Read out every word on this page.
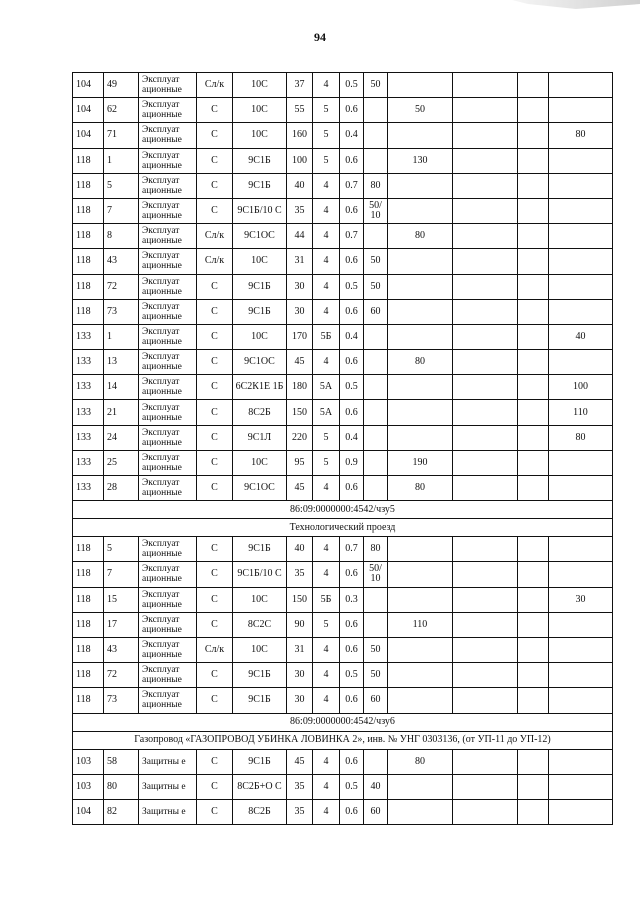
94
104	49	Эксплуат ационные	Сл/к	10С	37	4	0.5	50				
104	62	Эксплуат ационные	С	10С	55	5	0.6		50			
104	71	Эксплуат ационные	С	10С	160	5	0.4					80
118	1	Эксплуат ационные	С	9С1Б	100	5	0.6		130			
118	5	Эксплуат ационные	С	9С1Б	40	4	0.7	80				
118	7	Эксплуат ационные	С	9С1Б/10 С	35	4	0.6	50/ 10				
118	8	Эксплуат ационные	Сл/к	9С1ОС	44	4	0.7		80			
118	43	Эксплуат ационные	Сл/к	10С	31	4	0.6	50				
118	72	Эксплуат ационные	С	9С1Б	30	4	0.5	50				
118	73	Эксплуат ационные	С	9С1Б	30	4	0.6	60				
133	1	Эксплуат ационные	С	10С	170	5Б	0.4					40
133	13	Эксплуат ационные	С	9С1ОС	45	4	0.6		80			
133	14	Эксплуат ационные	С	6С2К1Е 1Б	180	5А	0.5					100
133	21	Эксплуат ационные	С	8С2Б	150	5А	0.6					110
133	24	Эксплуат ационные	С	9С1Л	220	5	0.4					80
133	25	Эксплуат ационные	С	10С	95	5	0.9		190			
133	28	Эксплуат ационные	С	9С1ОС	45	4	0.6		80			
86:09:0000000:4542/чзу5												
Технологический проезд												
118	5	Эксплуат ационные	С	9С1Б	40	4	0.7	80				
118	7	Эксплуат ационные	С	9С1Б/10 С	35	4	0.6	50/ 10				
118	15	Эксплуат ационные	С	10С	150	5Б	0.3					30
118	17	Эксплуат ационные	С	8С2С	90	5	0.6		110			
118	43	Эксплуат ационные	Сл/к	10С	31	4	0.6	50				
118	72	Эксплуат ационные	С	9С1Б	30	4	0.5	50				
118	73	Эксплуат ационные	С	9С1Б	30	4	0.6	60				
86:09:0000000:4542/чзу6												
Газопровод «ГАЗОПРОВОД УБИНКА ЛОВИНКА 2», инв. № УНГ 0303136, (от УП-11 до УП-12)												
103	58	Защитны е	С	9С1Б	45	4	0.6		80			
103	80	Защитны е	С	8С2Б+О С	35	4	0.5	40				
104	82	Защитны е	С	8С2Б	35	4	0.6	60				
